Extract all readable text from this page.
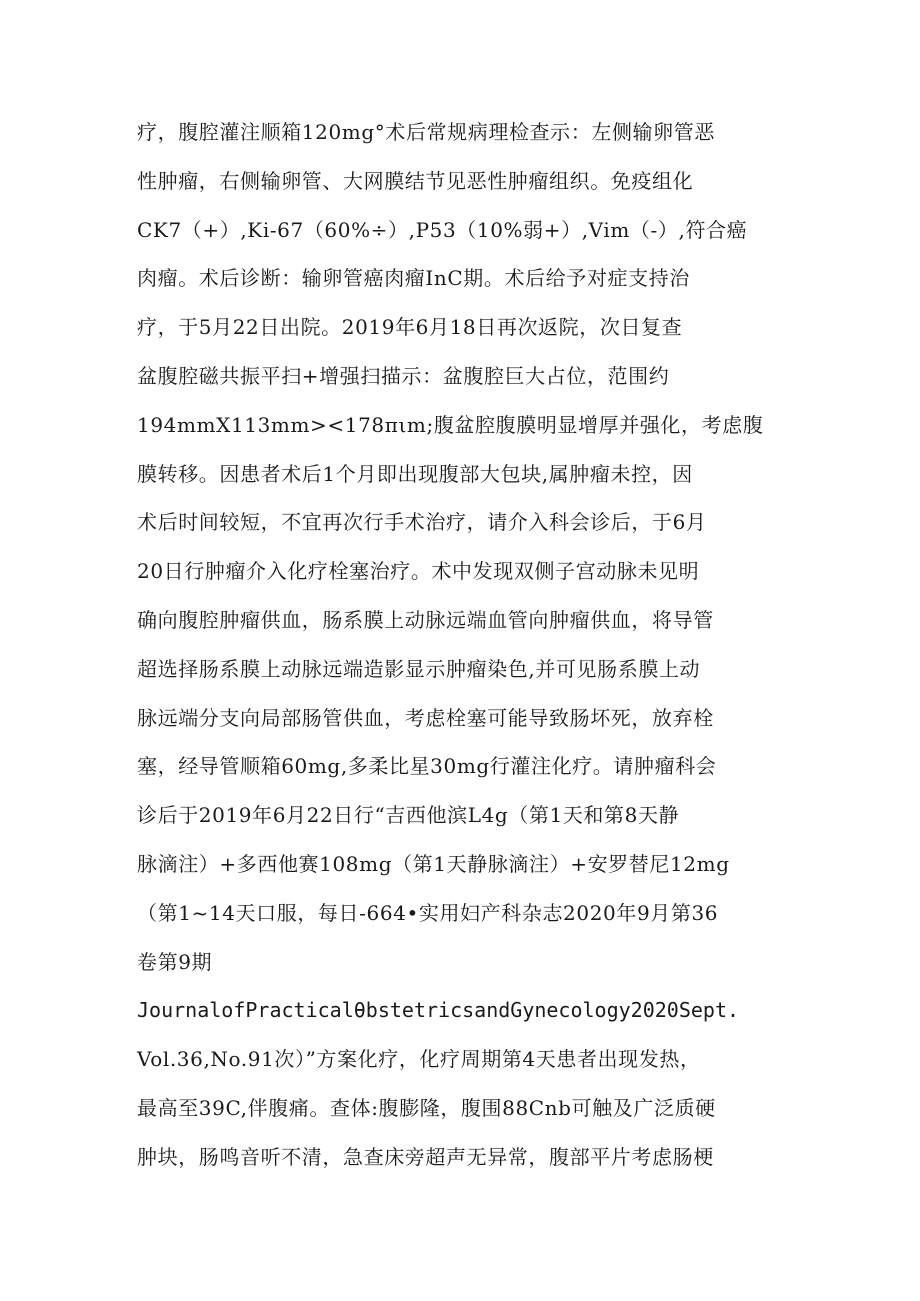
疗，腹腔灌注顺箱120mg°术后常规病理检查示：左侧输卵管恶
性肿瘤，右侧输卵管、大网膜结节见恶性肿瘤组织。免疫组化
CK7（+）,Ki-67（60%÷）,P53（10%弱+）,Vim（-）,符合癌
肉瘤。术后诊断：输卵管癌肉瘤InC期。术后给予对症支持治
疗，于5月22日出院。2019年6月18日再次返院，次日复查
盆腹腔磁共振平扫+增强扫描示：盆腹腔巨大占位，范围约
194mmX113mm><178πιm;腹盆腔腹膜明显增厚并强化，考虑腹
膜转移。因患者术后1个月即出现腹部大包块,属肿瘤未控，因
术后时间较短，不宜再次行手术治疗，请介入科会诊后，于6月
20日行肿瘤介入化疗栓塞治疗。术中发现双侧子宫动脉未见明
确向腹腔肿瘤供血，肠系膜上动脉远端血管向肿瘤供血，将导管
超选择肠系膜上动脉远端造影显示肿瘤染色,并可见肠系膜上动
脉远端分支向局部肠管供血，考虑栓塞可能导致肠坏死，放弃栓
塞，经导管顺箱60mg,多柔比星30mg行灌注化疗。请肿瘤科会
诊后于2019年6月22日行“吉西他滨L4g（第1天和第8天静
脉滴注）+多西他赛108mg（第1天静脉滴注）+安罗替尼12mg
（第1~14天口服，每日-664•实用妇产科杂志2020年9月第36
卷第9期
JournalofPracticalθbstetricsandGynecology2020Sept.
Vol.36,No.91次）”方案化疗，化疗周期第4天患者出现发热，
最高至39C,伴腹痛。查体:腹膨隆，腹围88Cnb可触及广泛质硬
肿块，肠鸣音听不清，急查床旁超声无异常，腹部平片考虑肠梗
